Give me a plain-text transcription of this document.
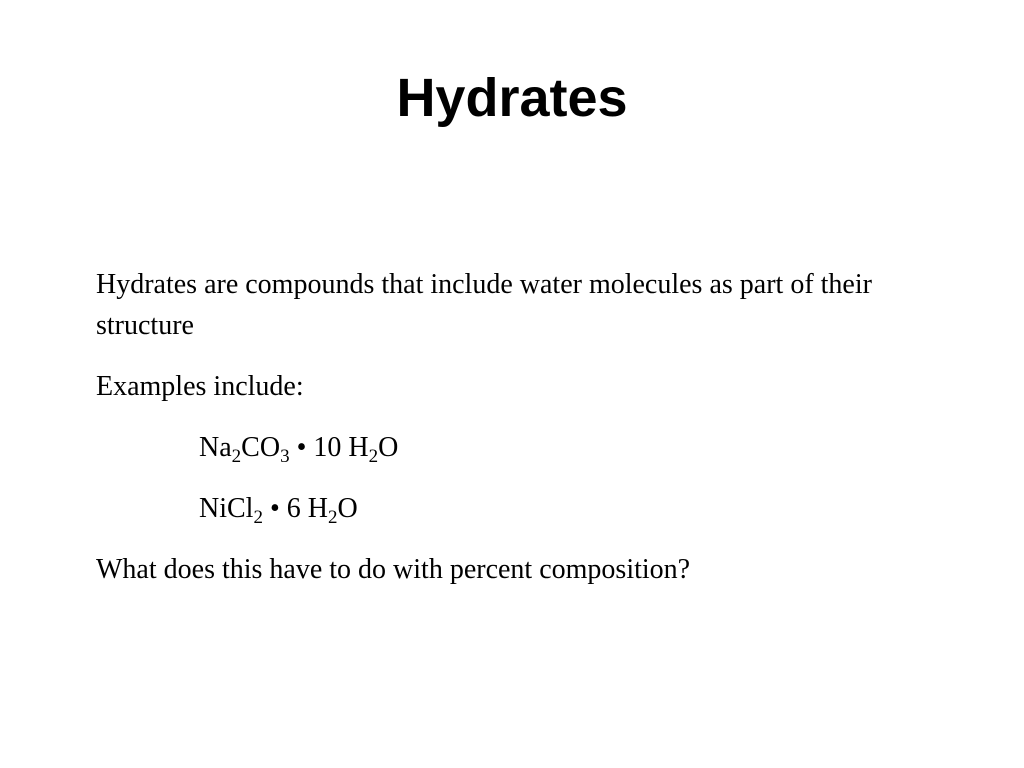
Hydrates

Hydrates are compounds that include water molecules as part of their structure

Examples include:

$Na_2CO_3$ • 10 $H_2O$

NiCl$_2$ • 6 $H_2O$

What does this have to do with percent composition?
